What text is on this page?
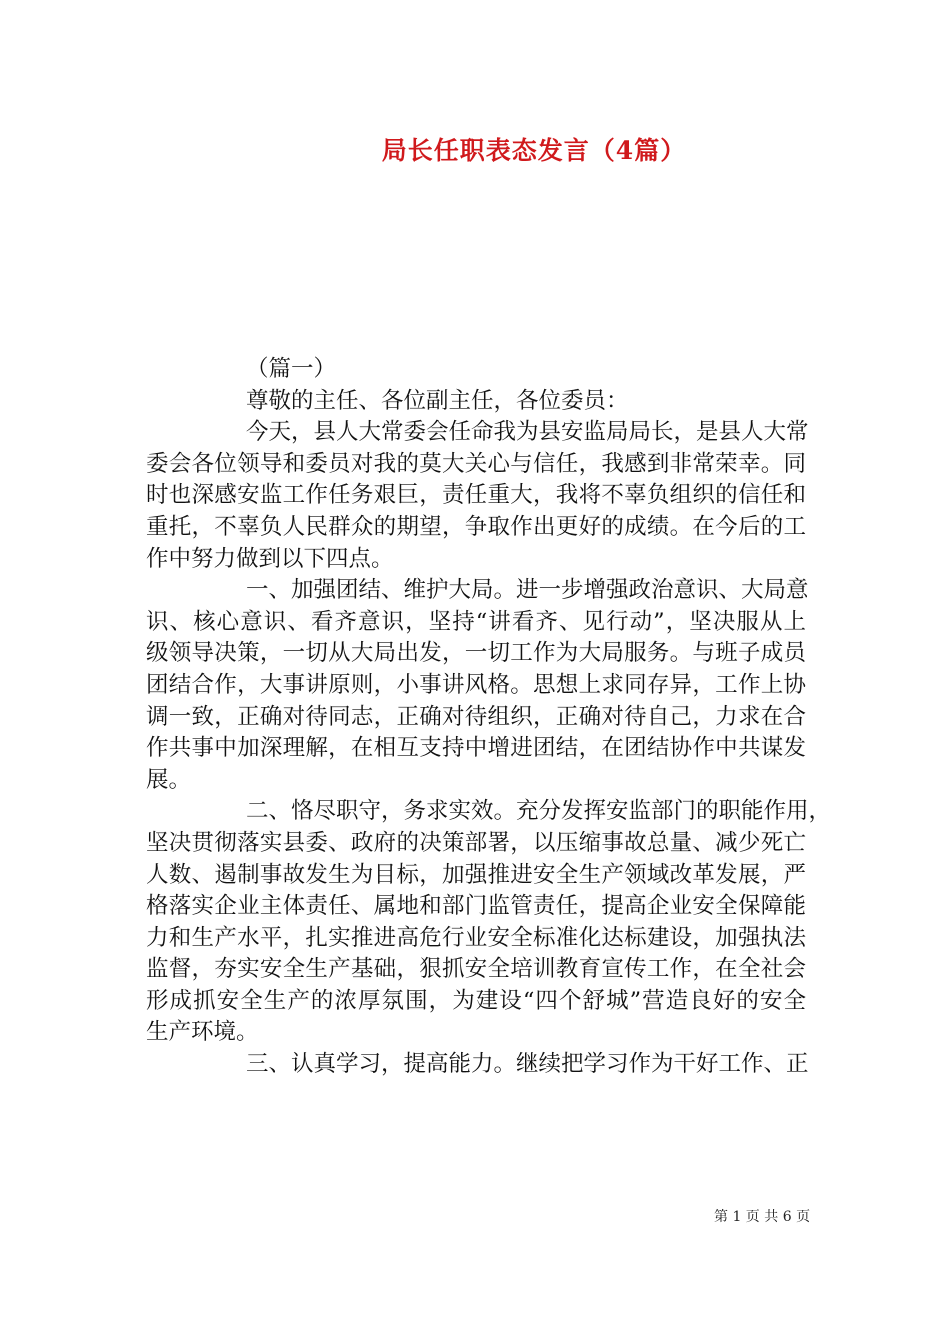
局长任职表态发言（4篇）
（篇一）
尊敬的主任、各位副主任，各位委员：
今天，县人大常委会任命我为县安监局局长，是县人大常
委会各位领导和委员对我的莫大关心与信任，我感到非常荣幸。同
时也深感安监工作任务艰巨，责任重大，我将不辜负组织的信任和
重托，不辜负人民群众的期望，争取作出更好的成绩。在今后的工
作中努力做到以下四点。
一、加强团结、维护大局。进一步增强政治意识、大局意
识、核心意识、看齐意识，坚持“讲看齐、见行动”，坚决服从上
级领导决策，一切从大局出发，一切工作为大局服务。与班子成员
团结合作，大事讲原则，小事讲风格。思想上求同存异，工作上协
调一致，正确对待同志，正确对待组织，正确对待自己，力求在合
作共事中加深理解，在相互支持中增进团结，在团结协作中共谋发
展。
二、恪尽职守，务求实效。充分发挥安监部门的职能作用，
坚决贯彻落实县委、政府的决策部署，以压缩事故总量、减少死亡
人数、遏制事故发生为目标，加强推进安全生产领域改革发展，严
格落实企业主体责任、属地和部门监管责任，提高企业安全保障能
力和生产水平，扎实推进高危行业安全标准化达标建设，加强执法
监督，夯实安全生产基础，狠抓安全培训教育宣传工作，在全社会
形成抓安全生产的浓厚氛围，为建设“四个舒城”营造良好的安全
生产环境。
三、认真学习，提高能力。继续把学习作为干好工作、正
第 1 页 共 6 页
